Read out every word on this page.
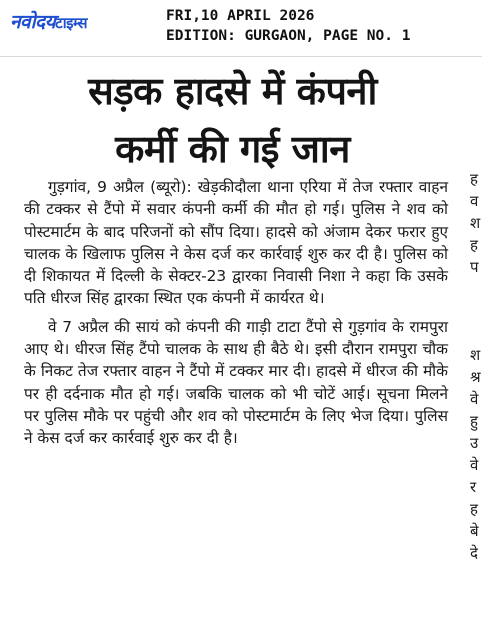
नवोदयटाइम्स	FRI,10 APRIL 2026
EDITION: GURGAON, PAGE NO. 1
सड़क हादसे में कंपनी
कर्मी की गई जान

गुड़गांव, 9 अप्रैल (ब्यूरो): खेड़कीदौला थाना एरिया में तेज रफ्तार वाहन की टक्कर से टैंपो में सवार कंपनी कर्मी की मौत हो गई। पुलिस ने शव को पोस्टमार्टम के बाद परिजनों को सौंप दिया। हादसे को अंजाम देकर फरार हुए चालक के खिलाफ पुलिस ने केस दर्ज कर कार्रवाई शुरु कर दी है। पुलिस को दी शिकायत में दिल्ली के सेक्टर-23 द्वारका निवासी निशा ने कहा कि उसके पति धीरज सिंह द्वारका स्थित एक कंपनी में कार्यरत थे।

वे 7 अप्रैल की सायं को कंपनी की गाड़ी टाटा टैंपो से गुड़गांव के रामपुरा आए थे। धीरज सिंह टैंपो चालक के साथ ही बैठे थे। इसी दौरान रामपुरा चौक के निकट तेज रफ्तार वाहन ने टैंपो में टक्कर मार दी। हादसे में धीरज की मौके पर ही दर्दनाक मौत हो गई। जबकि चालक को भी चोटें आई। सूचना मिलने पर पुलिस मौके पर पहुंची और शव को पोस्टमार्टम के लिए भेज दिया। पुलिस ने केस दर्ज कर कार्रवाई शुरु कर दी है।

ह
व
श
ह
प
श
श्र
वे
हु
उ
वे
र
ह
बे
दे
